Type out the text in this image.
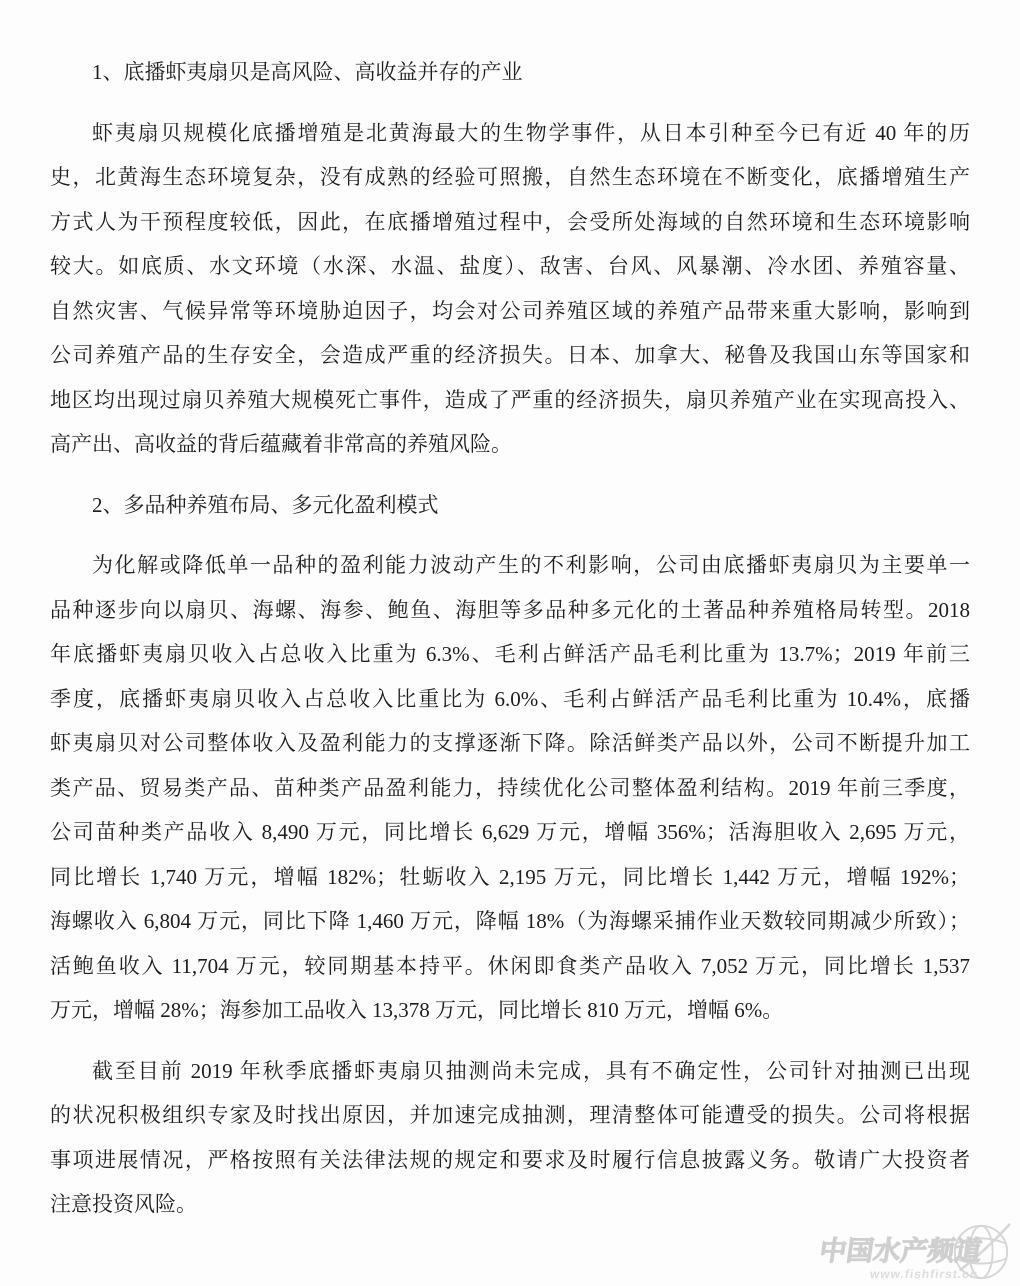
1、底播虾夷扇贝是高风险、高收益并存的产业
虾夷扇贝规模化底播增殖是北黄海最大的生物学事件，从日本引种至今已有近 40 年的历
史，北黄海生态环境复杂，没有成熟的经验可照搬，自然生态环境在不断变化，底播增殖生产
方式人为干预程度较低，因此，在底播增殖过程中，会受所处海域的自然环境和生态环境影响
较大。如底质、水文环境（水深、水温、盐度）、敌害、台风、风暴潮、冷水团、养殖容量、
自然灾害、气候异常等环境胁迫因子，均会对公司养殖区域的养殖产品带来重大影响，影响到
公司养殖产品的生存安全，会造成严重的经济损失。日本、加拿大、秘鲁及我国山东等国家和
地区均出现过扇贝养殖大规模死亡事件，造成了严重的经济损失，扇贝养殖产业在实现高投入、
高产出、高收益的背后蕴藏着非常高的养殖风险。
2、多品种养殖布局、多元化盈利模式
为化解或降低单一品种的盈利能力波动产生的不利影响，公司由底播虾夷扇贝为主要单一
品种逐步向以扇贝、海螺、海参、鲍鱼、海胆等多品种多元化的土著品种养殖格局转型。2018
年底播虾夷扇贝收入占总收入比重为 6.3%、毛利占鲜活产品毛利比重为 13.7%；2019 年前三
季度，底播虾夷扇贝收入占总收入比重比为 6.0%、毛利占鲜活产品毛利比重为 10.4%，底播
虾夷扇贝对公司整体收入及盈利能力的支撑逐渐下降。除活鲜类产品以外，公司不断提升加工
类产品、贸易类产品、苗种类产品盈利能力，持续优化公司整体盈利结构。2019 年前三季度，
公司苗种类产品收入 8,490 万元，同比增长 6,629 万元，增幅 356%；活海胆收入 2,695 万元，
同比增长 1,740 万元，增幅 182%；牡蛎收入 2,195 万元，同比增长 1,442 万元，增幅 192%；
海螺收入 6,804 万元，同比下降 1,460 万元，降幅 18%（为海螺采捕作业天数较同期减少所致）；
活鲍鱼收入 11,704 万元，较同期基本持平。休闲即食类产品收入 7,052 万元，同比增长 1,537
万元，增幅 28%；海参加工品收入 13,378 万元，同比增长 810 万元，增幅 6%。
截至目前 2019 年秋季底播虾夷扇贝抽测尚未完成，具有不确定性，公司针对抽测已出现
的状况积极组织专家及时找出原因，并加速完成抽测，理清整体可能遭受的损失。公司将根据
事项进展情况，严格按照有关法律法规的规定和要求及时履行信息披露义务。敬请广大投资者
注意投资风险。
中国水产频道
www.fishfirst.cn
